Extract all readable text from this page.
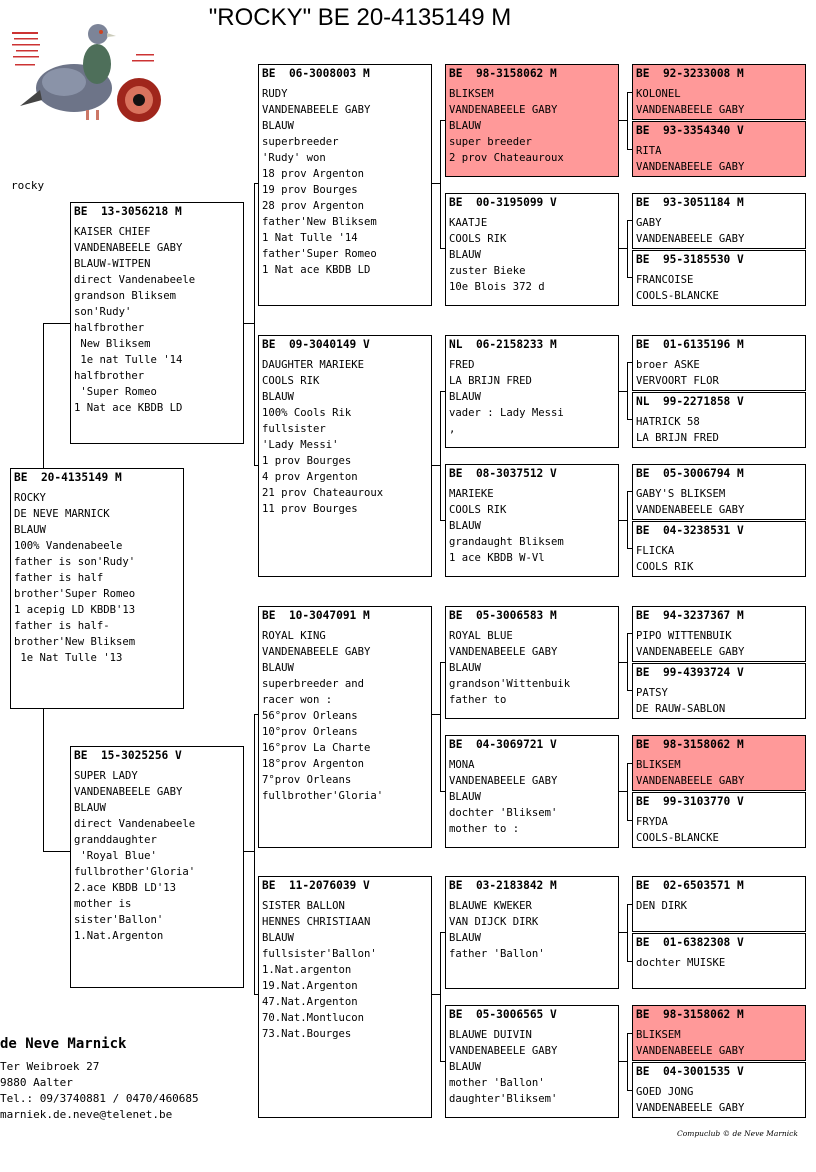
"ROCKY" BE 20-4135149 M
rocky
BE  20-4135149 M
ROCKY
DE NEVE MARNICK
BLAUW
100% Vandenabeele
father is son'Rudy'
father is half
brother'Super Romeo
1 acepig LD KBDB'13
father is half-
brother'New Bliksem
1e Nat Tulle '13
BE  13-3056218 M
KAISER CHIEF
VANDENABEELE GABY
BLAUW-WITPEN
direct Vandenabeele
grandson Bliksem
son'Rudy'
halfbrother
New Bliksem
1e nat Tulle '14
halfbrother
'Super Romeo
1 Nat ace KBDB LD
BE  15-3025256 V
SUPER LADY
VANDENABEELE GABY
BLAUW
direct Vandenabeele
granddaughter
'Royal Blue'
fullbrother'Gloria'
2.ace KBDB LD'13
mother is
sister'Ballon'
1.Nat.Argenton
BE  06-3008003 M
RUDY
VANDENABEELE GABY
BLAUW
superbreeder
'Rudy' won
18 prov Argenton
19 prov Bourges
28 prov Argenton
father'New Bliksem
1 Nat Tulle '14
father'Super Romeo
1 Nat ace KBDB LD
BE  09-3040149 V
DAUGHTER MARIEKE
COOLS RIK
BLAUW
100% Cools Rik
fullsister
'Lady Messi'
1 prov Bourges
4 prov Argenton
21 prov Chateauroux
11 prov Bourges
BE  10-3047091 M
ROYAL KING
VANDENABEELE GABY
BLAUW
superbreeder and
racer won :
56°prov Orleans
10°prov Orleans
16°prov La Charte
18°prov Argenton
7°prov Orleans
fullbrother'Gloria'
BE  11-2076039 V
SISTER BALLON
HENNES CHRISTIAAN
BLAUW
fullsister'Ballon'
1.Nat.argenton
19.Nat.Argenton
47.Nat.Argenton
70.Nat.Montlucon
73.Nat.Bourges
BE  98-3158062 M
BLIKSEM
VANDENABEELE GABY
BLAUW
super breeder
2 prov Chateauroux
BE  00-3195099 V
KAATJE
COOLS RIK
BLAUW
zuster Bieke
10e Blois 372 d
NL  06-2158233 M
FRED
LA BRIJN FRED
BLAUW
vader : Lady Messi
,
BE  08-3037512 V
MARIEKE
COOLS RIK
BLAUW
grandaught Bliksem
1 ace KBDB W-Vl
BE  05-3006583 M
ROYAL BLUE
VANDENABEELE GABY
BLAUW
grandson'Wittenbuik
father to
BE  04-3069721 V
MONA
VANDENABEELE GABY
BLAUW
dochter 'Bliksem'
mother to :
BE  03-2183842 M
BLAUWE KWEKER
VAN DIJCK DIRK
BLAUW
father 'Ballon'
BE  05-3006565 V
BLAUWE DUIVIN
VANDENABEELE GABY
BLAUW
mother 'Ballon'
daughter'Bliksem'
BE  92-3233008 M
KOLONEL
VANDENABEELE GABY
BE  93-3354340 V
RITA
VANDENABEELE GABY
BE  93-3051184 M
GABY
VANDENABEELE GABY
BE  95-3185530 V
FRANCOISE
COOLS-BLANCKE
BE  01-6135196 M
broer ASKE
VERVOORT FLOR
NL  99-2271858 V
HATRICK 58
LA BRIJN FRED
BE  05-3006794 M
GABY'S BLIKSEM
VANDENABEELE GABY
BE  04-3238531 V
FLICKA
COOLS RIK
BE  94-3237367 M
PIPO WITTENBUIK
VANDENABEELE GABY
BE  99-4393724 V
PATSY
DE RAUW-SABLON
BE  98-3158062 M
BLIKSEM
VANDENABEELE GABY
BE  99-3103770 V
FRYDA
COOLS-BLANCKE
BE  02-6503571 M
DEN DIRK
BE  01-6382308 V
dochter MUISKE
BE  98-3158062 M
BLIKSEM
VANDENABEELE GABY
BE  04-3001535 V
GOED JONG
VANDENABEELE GABY
de Neve Marnick
Ter Weibroek 27
9880 Aalter
Tel.: 09/3740881 / 0470/460685
marniek.de.neve@telenet.be
Compuclub © de Neve Marnick
